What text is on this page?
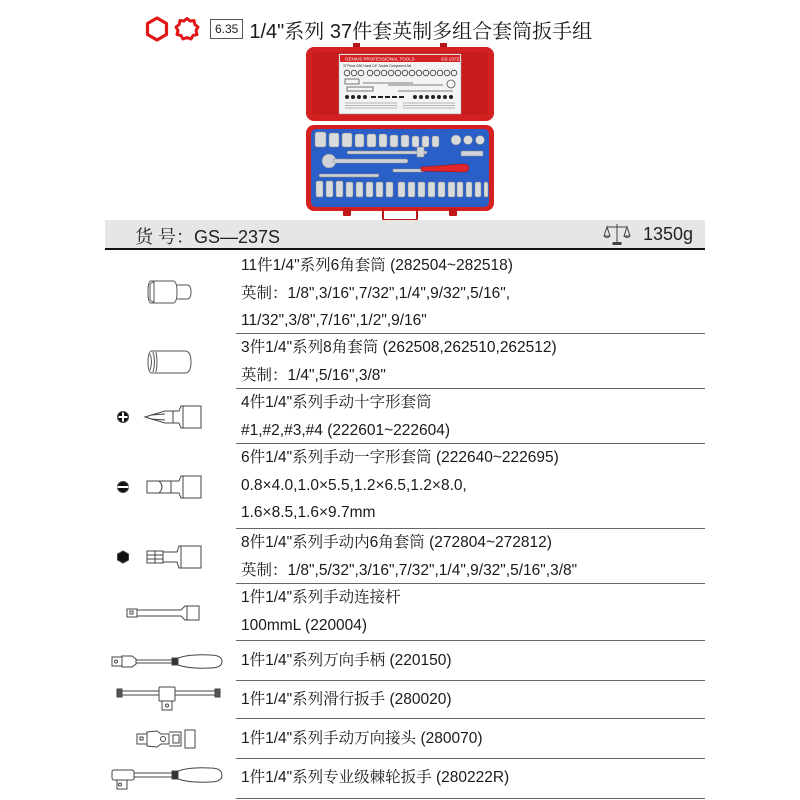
6.35 1/4"系列 37件套英制多组合套筒扳手组
GENIUS PROFESSIONAL TOOLS	GS-237S
37 Piece SAE Hand 1/4" Socket Component Set
货 号：GS—237S	1350g
11件1/4"系列6角套筒 (282504~282518)
英制：1/8",3/16",7/32",1/4",9/32",5/16",
11/32",3/8",7/16",1/2",9/16"
3件1/4"系列8角套筒 (262508,262510,262512)
英制：1/4",5/16",3/8"
4件1/4"系列手动十字形套筒
#1,#2,#3,#4 (222601~222604)
6件1/4"系列手动一字形套筒 (222640~222695)
0.8×4.0,1.0×5.5,1.2×6.5,1.2×8.0,
1.6×8.5,1.6×9.7mm
8件1/4"系列手动内6角套筒 (272804~272812)
英制：1/8",5/32",3/16",7/32",1/4",9/32",5/16",3/8"
1件1/4"系列手动连接杆
100mmL (220004)
1件1/4"系列万向手柄 (220150)
1件1/4"系列滑行扳手 (280020)
1件1/4"系列手动万向接头 (280070)
1件1/4"系列专业级棘轮扳手 (280222R)
